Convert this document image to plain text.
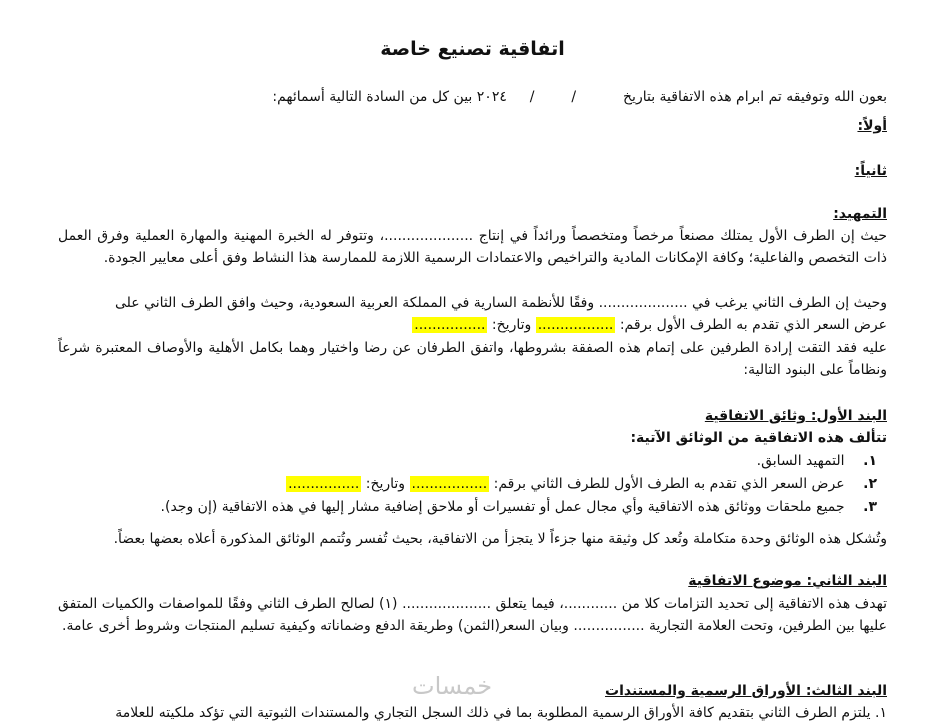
اتفاقية تصنيع خاصة
بعون الله وتوفيقه تم ابرام هذه الاتفاقية بتاريخ  /  /  ٢٠٢٤ بين كل من السادة التالية أسمائهم:
أولاً:
ثانياً:
التمهيد:
حيث إن الطرف الأول يمتلك مصنعاً مرخصاً ومتخصصاً ورائداً في إنتاج ....................، وتتوفر له الخبرة المهنية والمهارة العملية وفرق العمل ذات التخصص والفاعلية؛ وكافة الإمكانات المادية والتراخيص والاعتمادات الرسمية اللازمة للممارسة هذا النشاط وفق أعلى معايير الجودة.
وحيث إن الطرف الثاني يرغب في .................... وفقًا للأنظمة السارية في المملكة العربية السعودية، وحيث وافق الطرف الثاني على
عرض السعر الذي تقدم به الطرف الأول برقم: ................. وتاريخ: ................
عليه فقد التقت إرادة الطرفين على إتمام هذه الصفقة بشروطها، واتفق الطرفان عن رضا واختيار وهما بكامل الأهلية والأوصاف المعتبرة شرعاً ونظاماً على البنود التالية:
البند الأول: وثائق الاتفاقية
تتألف هذه الاتفاقية من الوثائق الآتية:
١. التمهيد السابق.
٢. عرض السعر الذي تقدم به الطرف الأول للطرف الثاني برقم: ................. وتاريخ: ................
٣. جميع ملحقات ووثائق هذه الاتفاقية وأي مجال عمل أو تفسيرات أو ملاحق إضافية مشار إليها في هذه الاتفاقية (إن وجد).
وتُشكل هذه الوثائق وحدة متكاملة وتُعد كل وثيقة منها جزءاً لا يتجزأ من الاتفاقية، بحيث تُفسر وتُتمم الوثائق المذكورة أعلاه بعضها بعضاً.
البند الثاني: موضوع الاتفاقية
تهدف هذه الاتفاقية إلى تحديد التزامات كلا من ............، فيما يتعلق .................... (١) لصالح الطرف الثاني وفقًا للمواصفات والكميات المتفق عليها بين الطرفين، وتحت العلامة التجارية ................ وبيان السعر(الثمن) وطريقة الدفع وضماناته وكيفية تسليم المنتجات وشروط أخرى عامة.
البند الثالث: الأوراق الرسمية والمستندات
١. يلتزم الطرف الثاني بتقديم كافة الأوراق الرسمية المطلوبة بما في ذلك السجل التجاري والمستندات الثبوتية التي تؤكد ملكيته للعلامة
خمسات
